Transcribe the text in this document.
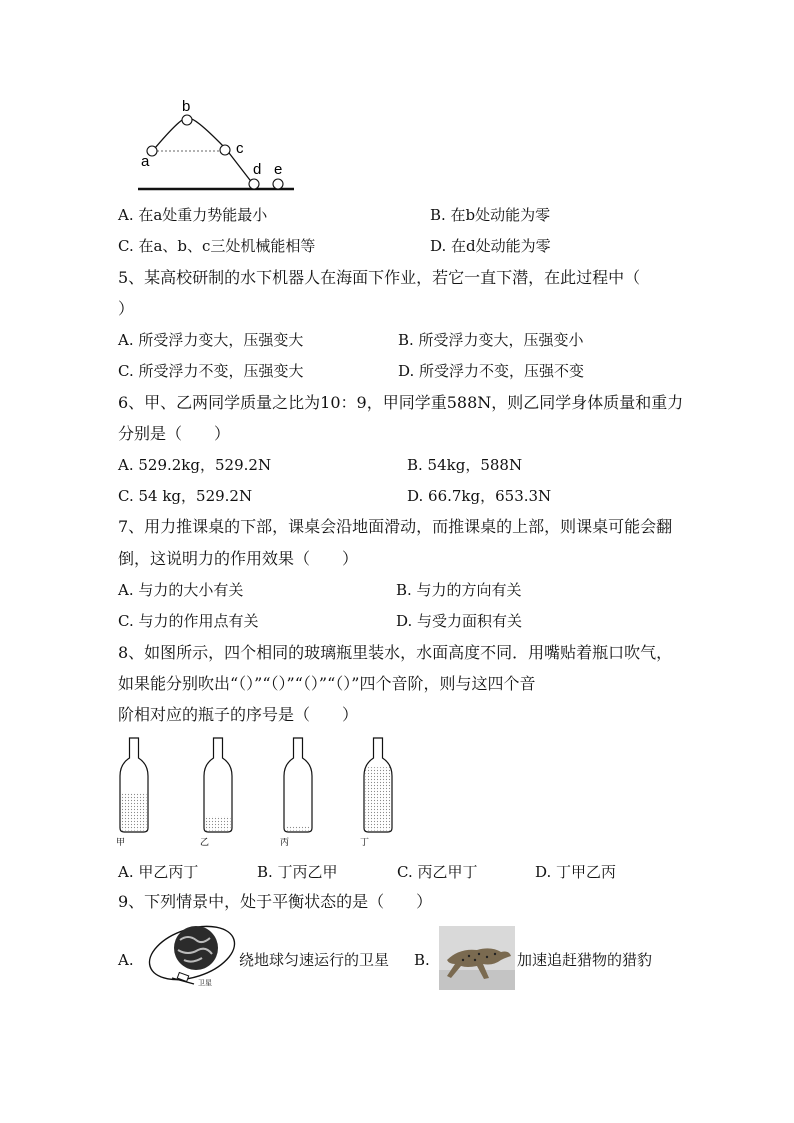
a
b
c
d e
A. 在a处重力势能最小	B. 在b处动能为零
C. 在a、b、c三处机械能相等	D. 在d处动能为零
5、某高校研制的水下机器人在海面下作业，若它一直下潜，在此过程中（
）
A. 所受浮力变大，压强变大	B. 所受浮力变大，压强变小
C. 所受浮力不变，压强变大	D. 所受浮力不变，压强不变
6、甲、乙两同学质量之比为10：9，甲同学重588N，则乙同学身体质量和重力
分别是（　　）
A. 529.2kg，529.2N	B. 54kg，588N
C. 54 kg，529.2N	D. 66.7kg，653.3N
7、用力推课桌的下部，课桌会沿地面滑动，而推课桌的上部，则课桌可能会翻
倒，这说明力的作用效果（　　）
A. 与力的大小有关	B. 与力的方向有关
C. 与力的作用点有关	D. 与受力面积有关
8、如图所示，四个相同的玻璃瓶里装水，水面高度不同．用嘴贴着瓶口吹气，
如果能分别吹出“（）”“（）”“（）”“（）”四个音阶，则与这四个音
阶相对应的瓶子的序号是（　　）
甲	乙	丙	丁
A. 甲乙丙丁	B. 丁丙乙甲	C. 丙乙甲丁	D. 丁甲乙丙
9、下列情景中，处于平衡状态的是（　　）
A.
卫星
绕地球匀速运行的卫星 B.	加速追赶猎物的猎豹
